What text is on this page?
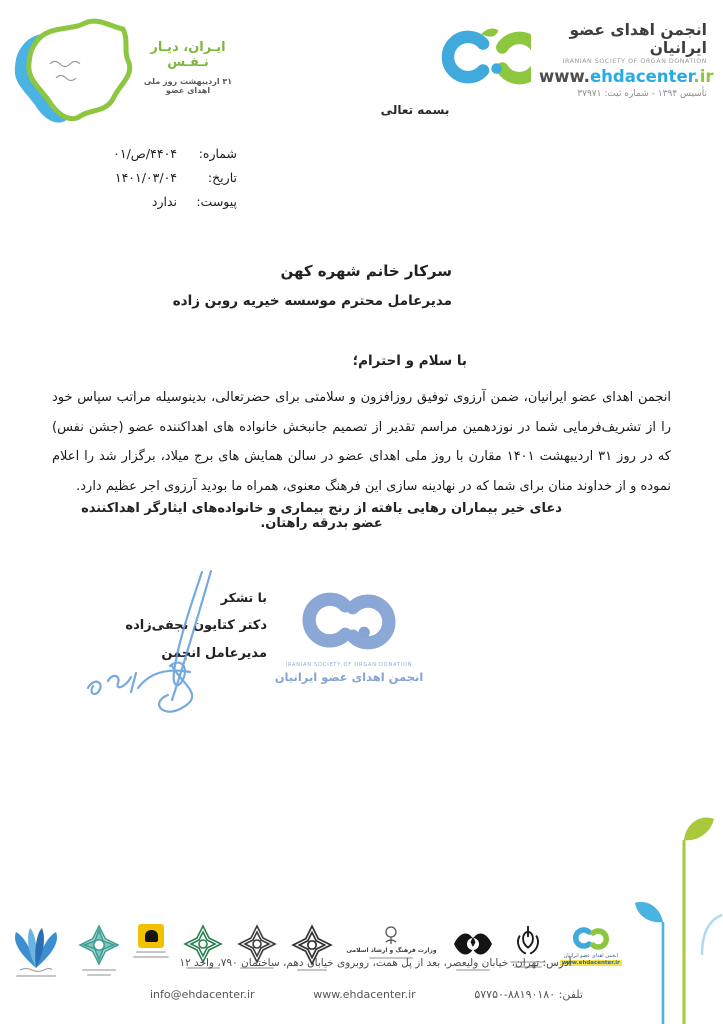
انجمن اهدای عضو ایرانیان
IRANIAN SOCIETY OF ORGAN DONATION
www.ehdacenter.ir
تأسیس ۱۳۹۴ - شماره ثبت: ۳۷۹۷۱
ایـران، دیـار نـفـس
۳۱ اردیبهشت روز ملی اهدای عضو
بسمه تعالی
شماره:
۴۴۰۴/ص/۰۱
تاریخ:
۱۴۰۱/۰۳/۰۴
پیوست:
ندارد
سرکار خانم شهره کهن
مدیرعامل محترم موسسه خیریه روبن زاده
با سلام و احترام؛
انجمن اهدای عضو ایرانیان، ضمن آرزوی توفیق روزافزون و سلامتی برای حضرتعالی، بدینوسیله مراتب سپاس خود را از تشریف‌فرمایی شما در نوزدهمین مراسم تقدیر از تصمیم جانبخش خانواده های اهداکننده عضو (جشن نفس) که در روز ۳۱ اردیبهشت ۱۴۰۱ مقارن با روز ملی اهدای عضو در سالن همایش های برج میلاد، برگزار شد را اعلام نموده و از خداوند منان برای شما که در نهادینه سازی این فرهنگ معنوی، همراه ما بودید آرزوی اجر عظیم دارد.
دعای خیر بیماران رهایی یافته از رنج بیماری و خانواده‌های ایثارگر اهداکننده عضو بدرقه راهتان.
با تشکر
دکتر کتایون نجفی‌زاده
مدیرعامل انجمن
IRANIAN SOCIETY OF ORGAN DONATION
انجمن اهدای عضو ایرانیان
وزارت فرهنگ و ارشاد اسلامی
انجمن اهدای عضو ایرانیان
www.ehdacenter.ir
آدرس: تهران، خیابان ولیعصر، بعد از پل همت، روبروی خیابان دهم، ساختمان ۷۹۰، واحد ۱۲
info@ehdacenter.ir	www.ehdacenter.ir	تلفن: ۵۷۷۵۰-۸۸۱۹۰۱۸۰
